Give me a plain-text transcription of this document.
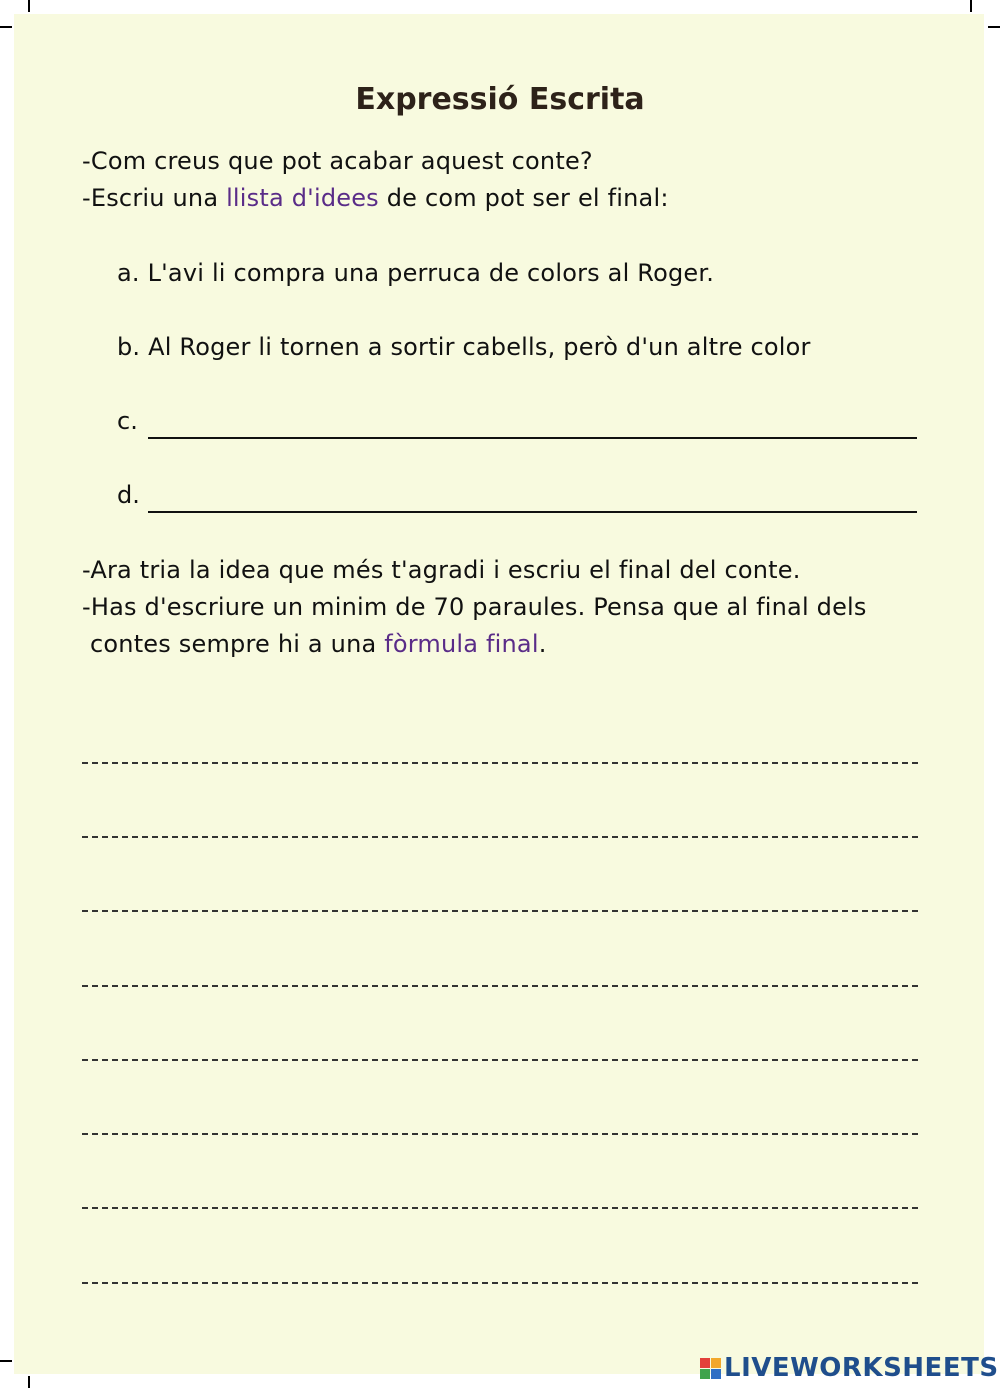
Expressió Escrita
-Com creus que pot acabar aquest conte?
-Escriu una llista d'idees de com pot ser el final:
a. L'avi li compra una perruca de colors al Roger.
b. Al Roger li tornen a sortir cabells, però d'un altre color
c.
d.
-Ara tria la idea que més t'agradi i escriu el final del conte.
-Has d'escriure un minim de 70 paraules. Pensa que al final dels
contes sempre hi a una fòrmula final.
LIVEWORKSHEETS
